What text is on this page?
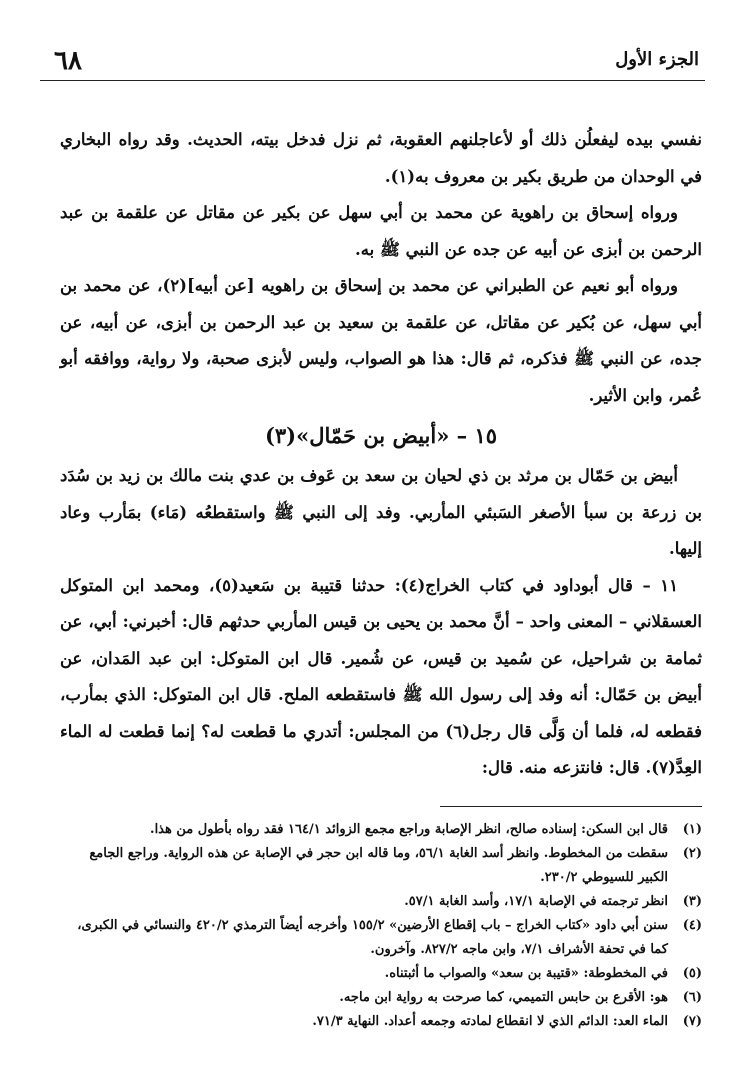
٦٨	الجزء الأول

نفسي بيده ليفعلُن ذلك أو لأعاجلنهم العقوبة، ثم نزل فدخل بيته، الحديث. وقد رواه البخاري في الوحدان من طريق بكير بن معروف به(١).

ورواه إسحاق بن راهوية عن محمد بن أبي سهل عن بكير عن مقاتل عن علقمة بن عبد الرحمن بن أبزى عن أبيه عن جده عن النبي ﷺ به.

ورواه أبو نعيم عن الطبراني عن محمد بن إسحاق بن راهويه [عن أبيه](٢)، عن محمد بن أبي سهل، عن بُكير عن مقاتل، عن علقمة بن سعيد بن عبد الرحمن بن أبزى، عن أبيه، عن جده، عن النبي ﷺ فذكره، ثم قال: هذا هو الصواب، وليس لأبزى صحبة، ولا رواية، ووافقه أبو عُمر، وابن الأثير.

١٥ – «أبيض بن حَمّال»(٣)

أبيض بن حَمّال بن مرثد بن ذي لحيان بن سعد بن عَوف بن عدي بنت مالك بن زيد بن سُدَد بن زرعة بن سبأ الأصغر السَبئي المأربي. وفد إلى النبي ﷺ واستقطعُه (مَاء) بمَأرب وعاد إليها.

١١ – قال أبوداود في كتاب الخراج(٤): حدثنا قتيبة بن سَعيد(٥)، ومحمد ابن المتوكل العسقلاني – المعنى واحد – أنَّ محمد بن يحيى بن قيس المأربي حدثهم قال: أخبرني: أبي، عن ثمامة بن شراحيل، عن سُميد بن قيس، عن شُمير. قال ابن المتوكل: ابن عبد المَدان، عن أبيض بن حَمّال: أنه وفد إلى رسول الله ﷺ فاستقطعه الملح. قال ابن المتوكل: الذي بمأرب، فقطعه له، فلما أن وَلَّى قال رجل(٦) من المجلس: أتدري ما قطعت له؟ إنما قطعت له الماء العِدَّ(٧). قال: فانتزعه منه. قال:

(١)
قال ابن السكن: إسناده صالح، انظر الإصابة وراجع مجمع الزوائد ١٦٤/١ فقد رواه بأطول من هذا.
(٢)
سقطت من المخطوط. وانظر أسد الغابة ٥٦/١، وما قاله ابن حجر في الإصابة عن هذه الرواية. وراجع الجامع الكبير للسيوطي ٢٣٠/٢.
(٣)
انظر ترجمته في الإصابة ١٧/١، وأسد الغابة ٥٧/١.
(٤)
سنن أبي داود «كتاب الخراج – باب إقطاع الأرضين» ١٥٥/٢ وأخرجه أيضاً الترمذي ٤٢٠/٢ والنسائي في الكبرى، كما في تحفة الأشراف ٧/١، وابن ماجه ٨٢٧/٢. وآخرون.
(٥)
في المخطوطة: «قتيبة بن سعد» والصواب ما أثبتناه.
(٦)
هو: الأقرع بن حابس التميمي، كما صرحت به رواية ابن ماجه.
(٧)
الماء العد: الدائم الذي لا انقطاع لمادته وجمعه أعداد. النهاية ٧١/٣.
